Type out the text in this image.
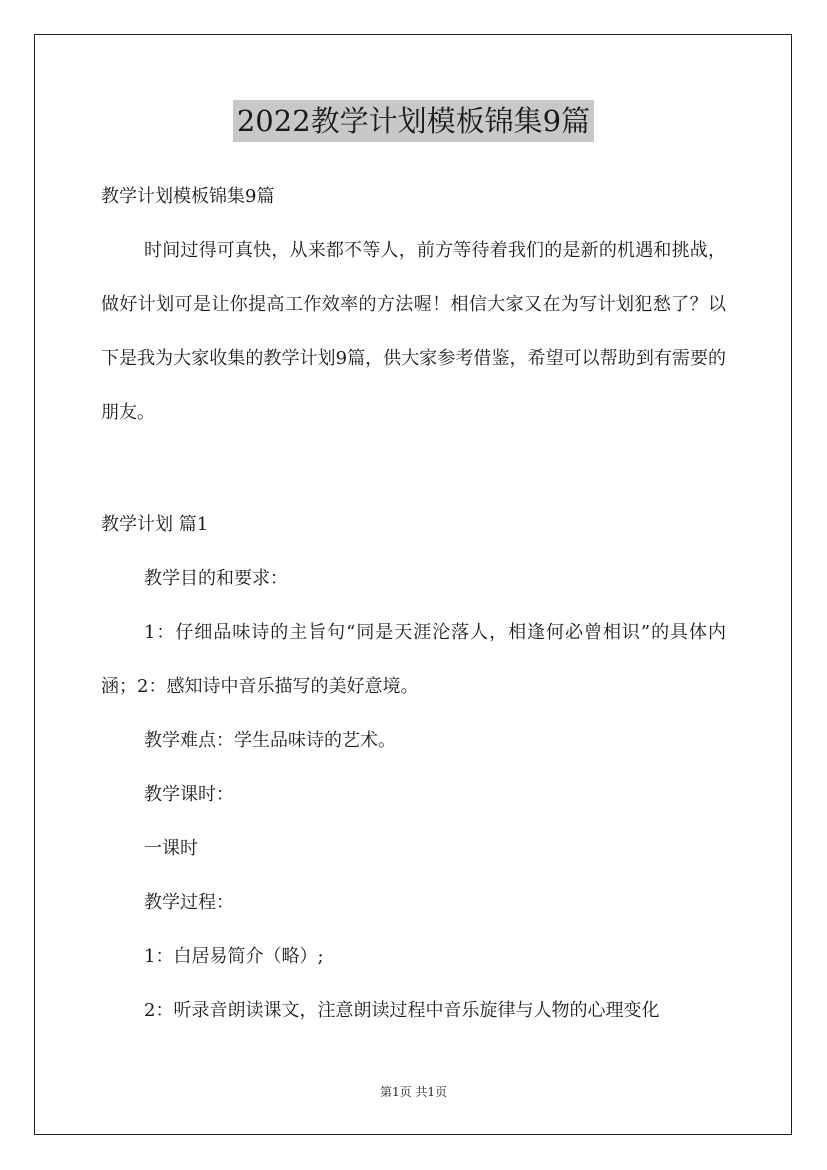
2022教学计划模板锦集9篇
教学计划模板锦集9篇
时间过得可真快，从来都不等人，前方等待着我们的是新的机遇和挑战，做好计划可是让你提高工作效率的方法喔！相信大家又在为写计划犯愁了？以下是我为大家收集的教学计划9篇，供大家参考借鉴，希望可以帮助到有需要的朋友。
教学计划 篇1
教学目的和要求：
1：仔细品味诗的主旨句“同是天涯沦落人，相逢何必曾相识”的具体内涵；2：感知诗中音乐描写的美好意境。
教学难点：学生品味诗的艺术。
教学课时：
一课时
教学过程：
1：白居易简介（略）;
2：听录音朗读课文，注意朗读过程中音乐旋律与人物的心理变化
第1页 共1页
